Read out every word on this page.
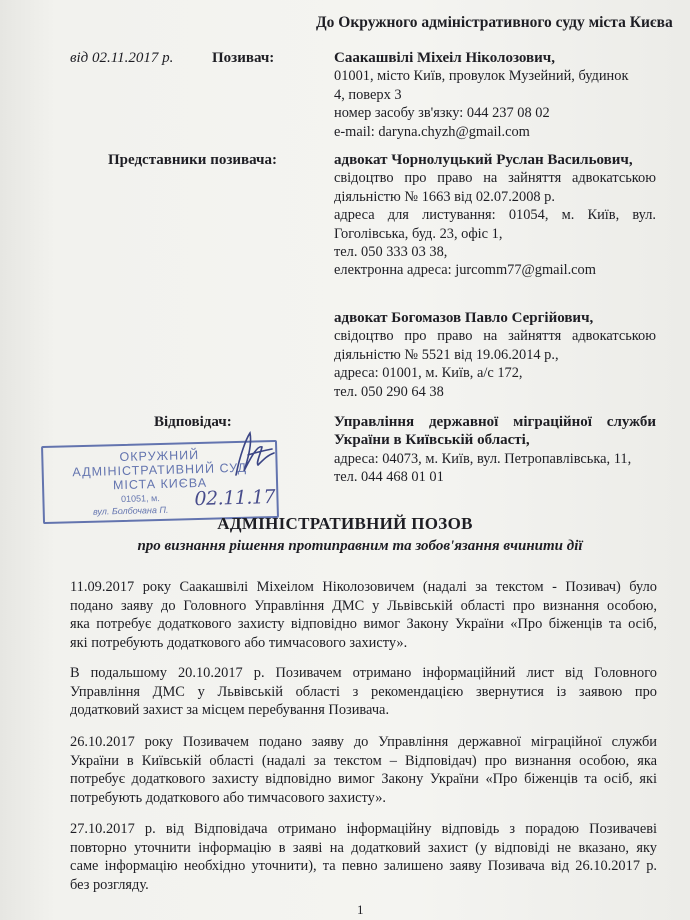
До Окружного адміністративного суду міста Києва
від 02.11.2017 р.	Позивач:	Саакашвілі Міхеіл Ніколозович,
01001, місто Київ, провулок Музейний, будинок
4, поверх 3
номер засобу зв'язку: 044 237 08 02
e-mail: daryna.chyzh@gmail.com
Представники позивача:	адвокат Чорнолуцький Руслан Васильович,
свідоцтво про право на зайняття адвокатською
діяльністю № 1663 від 02.07.2008 р.
адреса для листування: 01054, м. Київ, вул.
Гоголівська, буд. 23, офіс 1,
тел. 050 333 03 38,
електронна адреса: jurcomm77@gmail.com
адвокат Богомазов Павло Сергійович,
свідоцтво про право на зайняття адвокатською
діяльністю № 5521 від 19.06.2014 р.,
адреса: 01001, м. Київ, а/с 172,
тел. 050 290 64 38
Відповідач:	Управління державної міграційної служби
України в Київській області,
адреса: 04073, м. Київ, вул. Петропавлівська, 11,
тел. 044 468 01 01
ОКРУЖНИЙ
АДМІНІСТРАТИВНИЙ СУД
МІСТА КИЄВА
01051, м.
вул. Болбочана П.
02.11.17
АДМІНІСТРАТИВНИЙ ПОЗОВ
про визнання рішення протиправним та зобов'язання вчинити дії
11.09.2017 року Саакашвілі Міхеілом Ніколозовичем (надалі за текстом - Позивач) було
подано заяву до Головного Управління ДМС у Львівській області про визнання особою,
яка потребує додаткового захисту відповідно вимог Закону України «Про біженців та осіб,
які потребують додаткового або тимчасового захисту».
В подальшому 20.10.2017 р. Позивачем отримано інформаційний лист від Головного
Управління ДМС у Львівській області з рекомендацією звернутися із заявою про
додатковий захист за місцем перебування Позивача.
26.10.2017 року Позивачем подано заяву до Управління державної міграційної служби
України в Київській області (надалі за текстом – Відповідач) про визнання особою, яка
потребує додаткового захисту відповідно вимог Закону України «Про біженців та осіб, які
потребують додаткового або тимчасового захисту».
27.10.2017 р. від Відповідача отримано інформаційну відповідь з порадою Позивачеві
повторно уточнити інформацію в заяві на додатковий захист (у відповіді не вказано, яку
саме інформацію необхідно уточнити), та певно залишено заяву Позивача від 26.10.2017 р.
без розгляду.
1
